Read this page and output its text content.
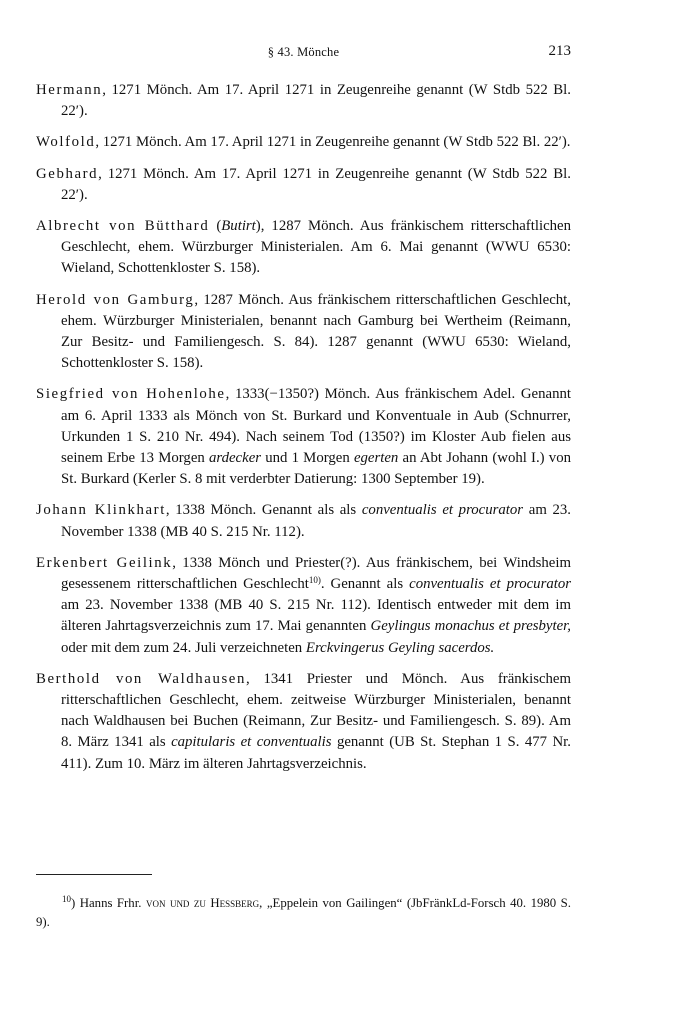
§ 43. Mönche	213

Hermann, 1271 Mönch. Am 17. April 1271 in Zeugenreihe genannt (W Stdb 522 Bl. 22′).

Wolfold, 1271 Mönch. Am 17. April 1271 in Zeugenreihe genannt (W Stdb 522 Bl. 22′).

Gebhard, 1271 Mönch. Am 17. April 1271 in Zeugenreihe genannt (W Stdb 522 Bl. 22′).

Albrecht von Bütthard (Butirt), 1287 Mönch. Aus fränkischem ritterschaftlichen Geschlecht, ehem. Würzburger Ministerialen. Am 6. Mai genannt (WWU 6530: Wieland, Schottenkloster S. 158).

Herold von Gamburg, 1287 Mönch. Aus fränkischem ritterschaftlichen Geschlecht, ehem. Würzburger Ministerialen, benannt nach Gamburg bei Wertheim (Reimann, Zur Besitz- und Familiengesch. S. 84). 1287 genannt (WWU 6530: Wieland, Schottenkloster S. 158).

Siegfried von Hohenlohe, 1333(−1350?) Mönch. Aus fränkischem Adel. Genannt am 6. April 1333 als Mönch von St. Burkard und Konventuale in Aub (Schnurrer, Urkunden 1 S. 210 Nr. 494). Nach seinem Tod (1350?) im Kloster Aub fielen aus seinem Erbe 13 Morgen ardecker und 1 Morgen egerten an Abt Johann (wohl I.) von St. Burkard (Kerler S. 8 mit verderbter Datierung: 1300 September 19).

Johann Klinkhart, 1338 Mönch. Genannt als als conventualis et procurator am 23. November 1338 (MB 40 S. 215 Nr. 112).

Erkenbert Geilink, 1338 Mönch und Priester(?). Aus fränkischem, bei Windsheim gesessenem ritterschaftlichen Geschlecht$^{10)}$. Genannt als conventualis et procurator am 23. November 1338 (MB 40 S. 215 Nr. 112). Identisch entweder mit dem im älteren Jahrtagsverzeichnis zum 17. Mai genannten Geylingus monachus et presbyter, oder mit dem zum 24. Juli verzeichneten Erckvingerus Geyling sacerdos.

Berthold von Waldhausen, 1341 Priester und Mönch. Aus fränkischem ritterschaftlichen Geschlecht, ehem. zeitweise Würzburger Ministerialen, benannt nach Waldhausen bei Buchen (Reimann, Zur Besitz- und Familiengesch. S. 89). Am 8. März 1341 als capitularis et conventualis genannt (UB St. Stephan 1 S. 477 Nr. 411). Zum 10. März im älteren Jahrtagsverzeichnis.

$^{10}$) Hanns Frhr. von und zu Hessberg, „Eppelein von Gailingen“ (JbFränkLd-Forsch 40. 1980 S. 9).
